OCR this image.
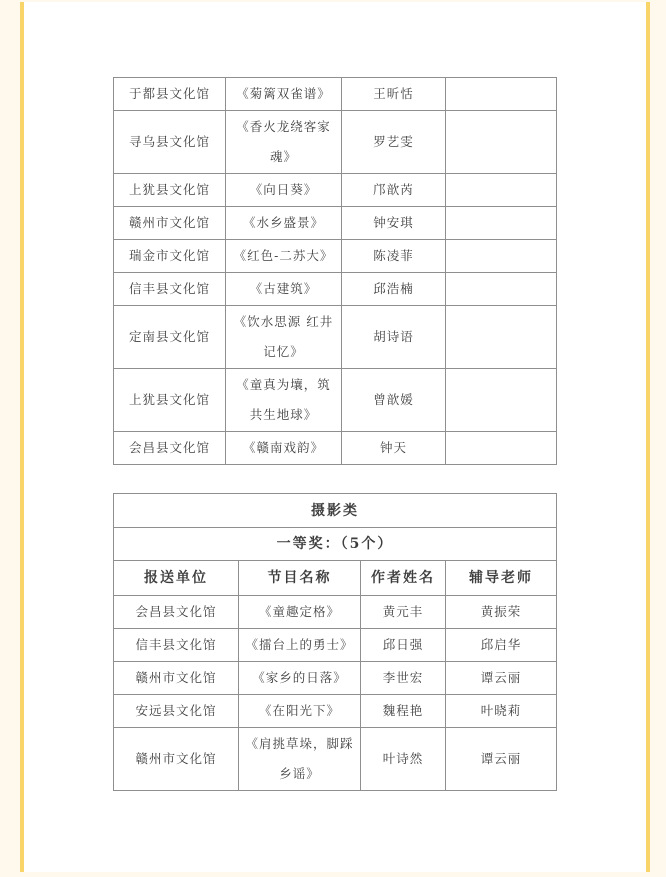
于都县文化馆	《菊篱双雀谱》	王昕恬	
寻乌县文化馆	《香火龙绕客家魂》	罗艺雯	
上犹县文化馆	《向日葵》	邝歆芮	
赣州市文化馆	《水乡盛景》	钟安琪	
瑞金市文化馆	《红色-二苏大》	陈凌菲	
信丰县文化馆	《古建筑》	邱浩楠	
定南县文化馆	《饮水思源 红井记忆》	胡诗语	
上犹县文化馆	《童真为壤，筑共生地球》	曾歆媛	
会昌县文化馆	《赣南戏韵》	钟天	
摄影类			
一等奖：（5个）			
报送单位	节目名称	作者姓名	辅导老师
会昌县文化馆	《童趣定格》	黄元丰	黄振荣
信丰县文化馆	《擂台上的勇士》	邱日强	邱启华
赣州市文化馆	《家乡的日落》	李世宏	谭云丽
安远县文化馆	《在阳光下》	魏程艳	叶晓莉
赣州市文化馆	《肩挑草垛，脚踩乡谣》	叶诗然	谭云丽
